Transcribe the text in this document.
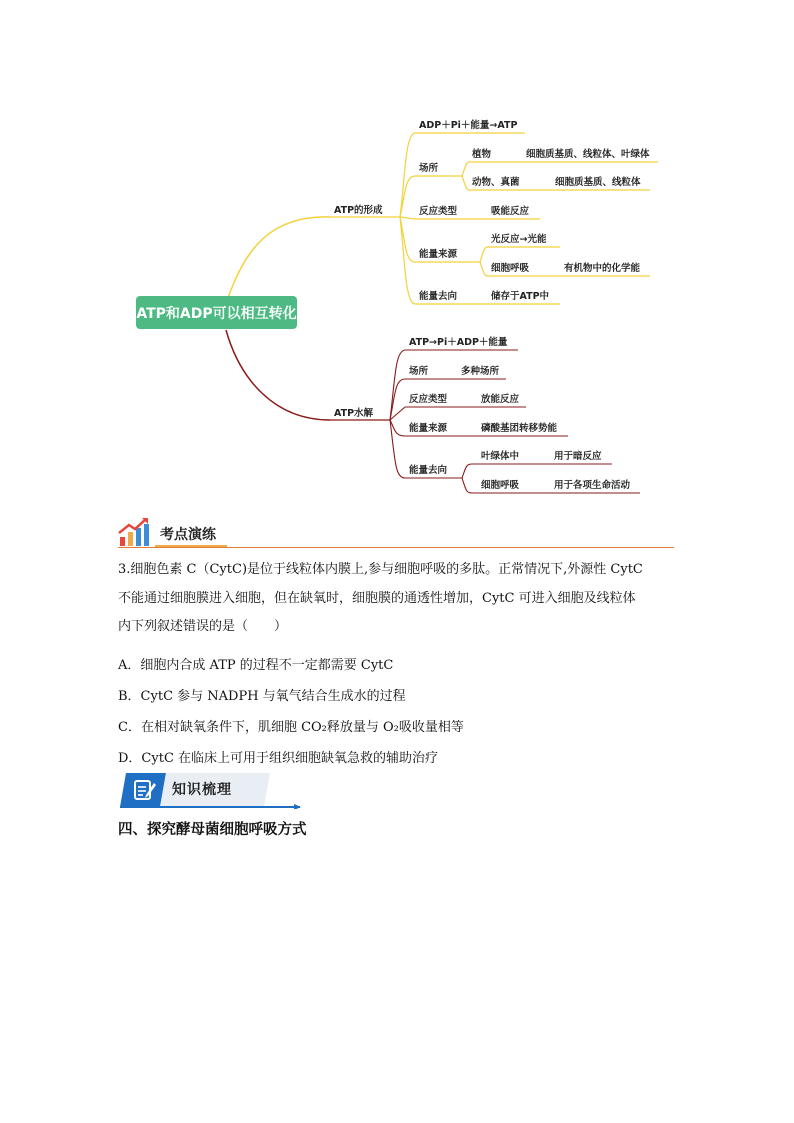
ATP的形成
ADP＋Pi＋能量→ATP
场所
植物	细胞质基质、线粒体、叶绿体
动物、真菌	细胞质基质、线粒体
反应类型	吸能反应
能量来源
光反应→光能
细胞呼吸	有机物中的化学能
能量去向	储存于ATP中
ATP水解
ATP→Pi＋ADP＋能量
场所	多种场所
反应类型	放能反应
能量来源	磷酸基团转移势能
能量去向
叶绿体中	用于暗反应
细胞呼吸	用于各项生命活动
ATP和ADP可以相互转化
考点演练

3.细胞色素 C（CytC)是位于线粒体内膜上,参与细胞呼吸的多肽。正常情况下,外源性 CytC

不能通过细胞膜进入细胞，但在缺氧时，细胞膜的通透性增加，CytC 可进入细胞及线粒体

内下列叙述错误的是（　　）

A．细胞内合成 ATP 的过程不一定都需要 CytC
B．CytC 参与 NADPH 与氧气结合生成水的过程
C．在相对缺氧条件下，肌细胞 CO₂释放量与 O₂吸收量相等
D．CytC 在临床上可用于组织细胞缺氧急救的辅助治疗
知识梳理
四、探究酵母菌细胞呼吸方式
